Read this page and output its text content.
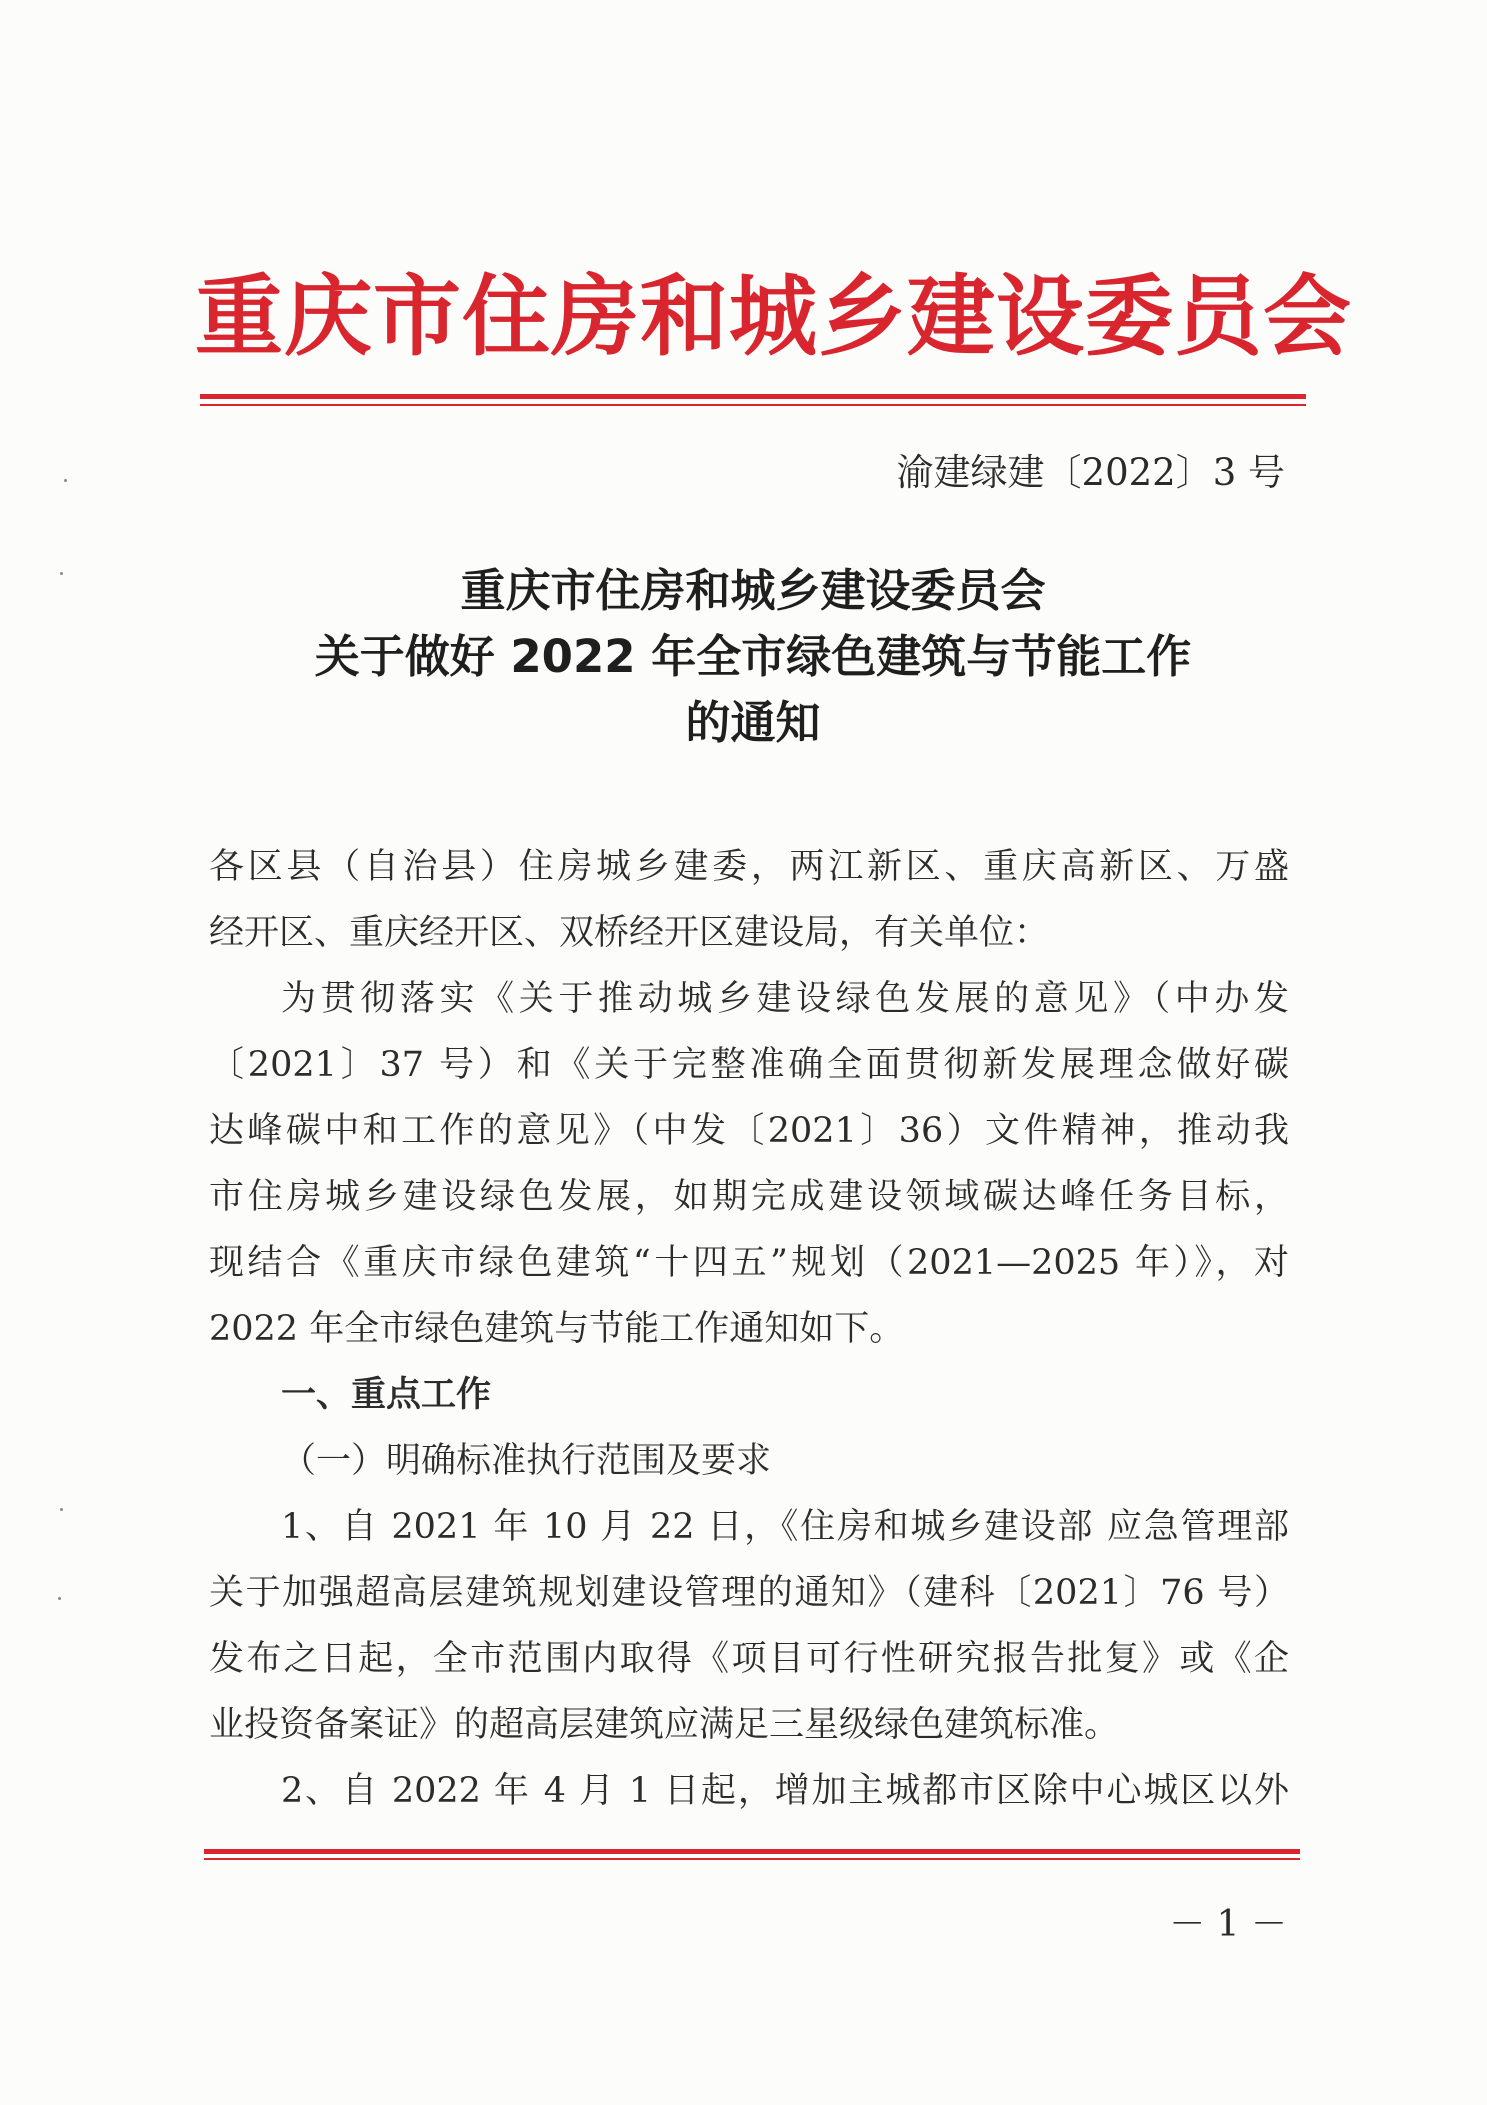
重庆市住房和城乡建设委员会
渝建绿建〔2022〕3 号
重庆市住房和城乡建设委员会
关于做好 2022 年全市绿色建筑与节能工作
的通知
各区县（自治县）住房城乡建委，两江新区、重庆高新区、万盛
经开区、重庆经开区、双桥经开区建设局，有关单位：
为贯彻落实《关于推动城乡建设绿色发展的意见》（中办发
〔2021〕37 号）和《关于完整准确全面贯彻新发展理念做好碳
达峰碳中和工作的意见》（中发〔2021〕36）文件精神，推动我
市住房城乡建设绿色发展，如期完成建设领域碳达峰任务目标，
现结合《重庆市绿色建筑“十四五”规划（2021—2025 年）》，对
2022 年全市绿色建筑与节能工作通知如下。
一、重点工作
（一）明确标准执行范围及要求
1、自 2021 年 10 月 22 日，《住房和城乡建设部 应急管理部
关于加强超高层建筑规划建设管理的通知》（建科〔2021〕76 号）
发布之日起，全市范围内取得《项目可行性研究报告批复》或《企
业投资备案证》的超高层建筑应满足三星级绿色建筑标准。
2、自 2022 年 4 月 1 日起，增加主城都市区除中心城区以外
－ 1 －
